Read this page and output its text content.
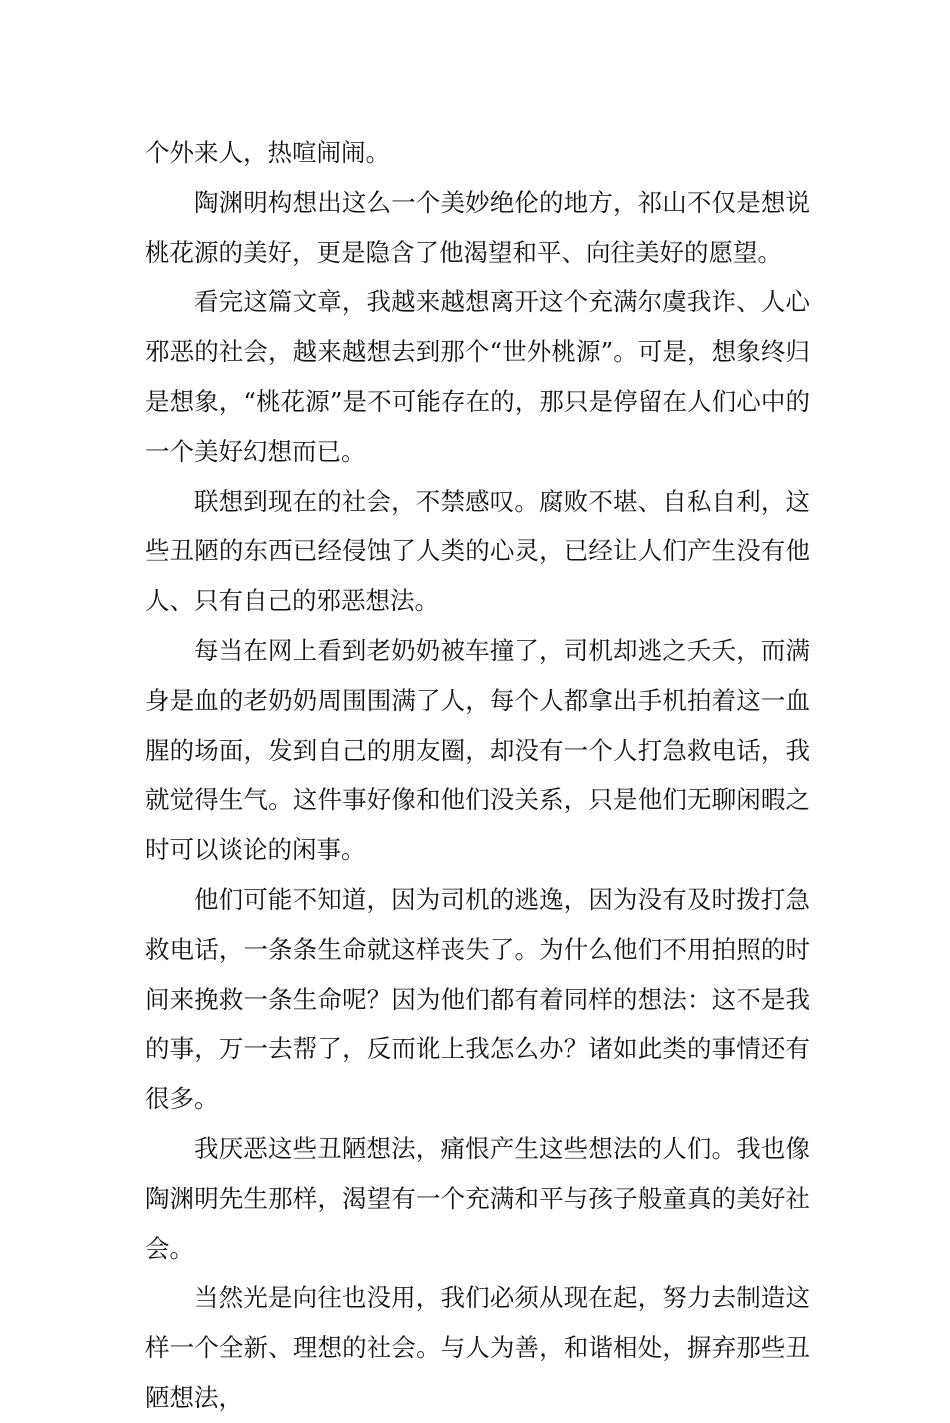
个外来人，热喧闹闹。

陶渊明构想出这么一个美妙绝伦的地方，祁山不仅是想说桃花源的美好，更是隐含了他渴望和平、向往美好的愿望。

看完这篇文章，我越来越想离开这个充满尔虞我诈、人心邪恶的社会，越来越想去到那个“世外桃源”。可是，想象终归是想象，“桃花源”是不可能存在的，那只是停留在人们心中的一个美好幻想而已。

联想到现在的社会，不禁感叹。腐败不堪、自私自利，这些丑陋的东西已经侵蚀了人类的心灵，已经让人们产生没有他人、只有自己的邪恶想法。

每当在网上看到老奶奶被车撞了，司机却逃之夭夭，而满身是血的老奶奶周围围满了人，每个人都拿出手机拍着这一血腥的场面，发到自己的朋友圈，却没有一个人打急救电话，我就觉得生气。这件事好像和他们没关系，只是他们无聊闲暇之时可以谈论的闲事。

他们可能不知道，因为司机的逃逸，因为没有及时拨打急救电话，一条条生命就这样丧失了。为什么他们不用拍照的时间来挽救一条生命呢？因为他们都有着同样的想法：这不是我的事，万一去帮了，反而讹上我怎么办？诸如此类的事情还有很多。

我厌恶这些丑陋想法，痛恨产生这些想法的人们。我也像陶渊明先生那样，渴望有一个充满和平与孩子般童真的美好社会。

当然光是向往也没用，我们必须从现在起，努力去制造这样一个全新、理想的社会。与人为善，和谐相处，摒弃那些丑陋想法，
